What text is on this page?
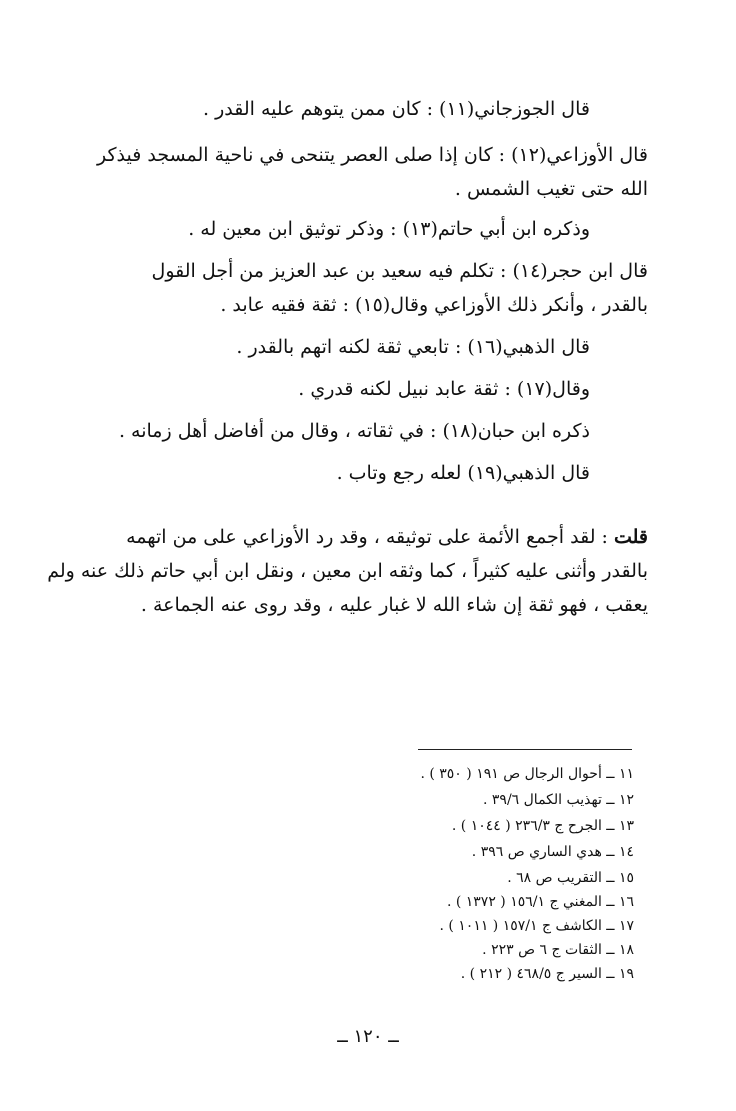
قال الجوزجاني(١١) : كان ممن يتوهم عليه القدر .
قال الأوزاعي(١٢) : كان إذا صلى العصر يتنحى في ناحية المسجد فيذكر
الله حتى تغيب الشمس .
وذكره ابن أبي حاتم(١٣) : وذكر توثيق ابن معين له .
قال ابن حجر(١٤) : تكلم فيه سعيد بن عبد العزيز من أجل القول
بالقدر ، وأنكر ذلك الأوزاعي وقال(١٥) : ثقة فقيه عابد .
قال الذهبي(١٦) : تابعي ثقة لكنه اتهم بالقدر .
وقال(١٧) : ثقة عابد نبيل لكنه قدري .
ذكره ابن حبان(١٨) : في ثقاته ، وقال من أفاضل أهل زمانه .
قال الذهبي(١٩) لعله رجع وتاب .
قلت : لقد أجمع الأئمة على توثيقه ، وقد رد الأوزاعي على من اتهمه
بالقدر وأثنى عليه كثيراً ، كما وثقه ابن معين ، ونقل ابن أبي حاتم ذلك عنه ولم
يعقب ، فهو ثقة إن شاء الله لا غبار عليه ، وقد روى عنه الجماعة .
١١ ــ أحوال الرجال ص ١٩١ ( ٣٥٠ ) .
١٢ ــ تهذيب الكمال ٣٩/٦ .
١٣ ــ الجرح ج ٢٣٦/٣ ( ١٠٤٤ ) .
١٤ ــ هدي الساري ص ٣٩٦ .
١٥ ــ التقريب ص ٦٨ .
١٦ ــ المغني ج ١٥٦/١ ( ١٣٧٢ ) .
١٧ ــ الكاشف ج ١٥٧/١ ( ١٠١١ ) .
١٨ ــ الثقات ج ٦ ص ٢٢٣ .
١٩ ــ السير ج ٤٦٨/٥ ( ٢١٢ ) .
ــ ١٢٠ ــ
